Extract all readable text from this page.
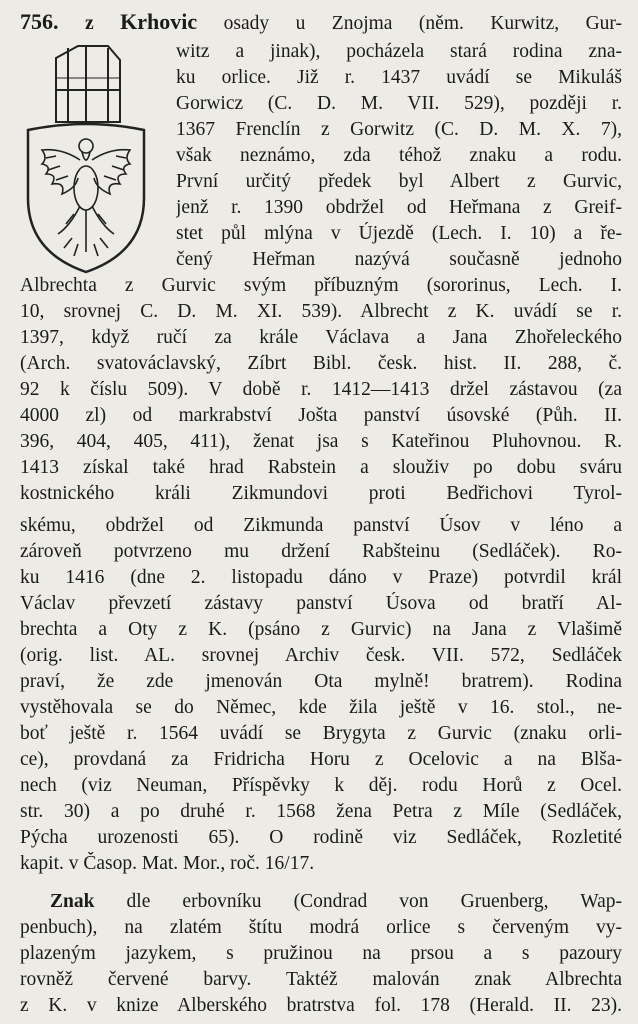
756. z Krhovic osady u Znojma (něm. Kurwitz, Gur-
witz a jinak), pocházela stará rodina zna-
ku orlice. Již r. 1437 uvádí se Mikuláš
Gorwicz (C. D. M. VII. 529), později r.
1367 Frenclín z Gorwitz (C. D. M. X. 7),
však neznámo, zda téhož znaku a rodu.
První určitý předek byl Albert z Gurvic,
jenž r. 1390 obdržel od Heřmana z Greif-
stet půl mlýna v Újezdě (Lech. I. 10) a ře-
čený Heřman nazývá současně jednoho
Albrechta z Gurvic svým příbuzným (sororinus, Lech. I.
10, srovnej C. D. M. XI. 539). Albrecht z K. uvádí se r.
1397, když ručí za krále Václava a Jana Zhořeleckého
(Arch. svatováclavský, Zíbrt Bibl. česk. hist. II. 288, č.
92 k číslu 509). V době r. 1412—1413 držel zástavou (za
4000 zl) od markrabství Jošta panství úsovské (Půh. II.
396, 404, 405, 411), ženat jsa s Kateřinou Pluhovnou. R.
1413 získal také hrad Rabstein a slouživ po dobu sváru
kostnického králi Zikmundovi proti Bedřichovi Tyrol-
skému, obdržel od Zikmunda panství Úsov v léno a
zároveň potvrzeno mu držení Rabšteinu (Sedláček). Ro-
ku 1416 (dne 2. listopadu dáno v Praze) potvrdil král
Václav převzetí zástavy panství Úsova od bratří Al-
brechta a Oty z K. (psáno z Gurvic) na Jana z Vlašimě
(orig. list. AL. srovnej Archiv česk. VII. 572, Sedláček
praví, že zde jmenován Ota mylně! bratrem). Rodina
vystěhovala se do Němec, kde žila ještě v 16. stol., ne-
boť ještě r. 1564 uvádí se Brygyta z Gurvic (znaku orli-
ce), provdaná za Fridricha Horu z Ocelovic a na Blša-
nech (viz Neuman, Příspěvky k děj. rodu Horů z Ocel.
str. 30) a po druhé r. 1568 žena Petra z Míle (Sedláček,
Pýcha urozenosti 65). O rodině viz Sedláček, Rozletité
kapit. v Časop. Mat. Mor., roč. 16/17.
Znak dle erbovníku (Condrad von Gruenberg, Wap-
penbuch), na zlatém štítu modrá orlice s červeným vy-
plazeným jazykem, s pružinou na prsou a s pazoury
rovněž červené barvy. Taktéž malován znak Albrechta
z K. v knize Alberského bratrstva fol. 178 (Herald. II. 23).
